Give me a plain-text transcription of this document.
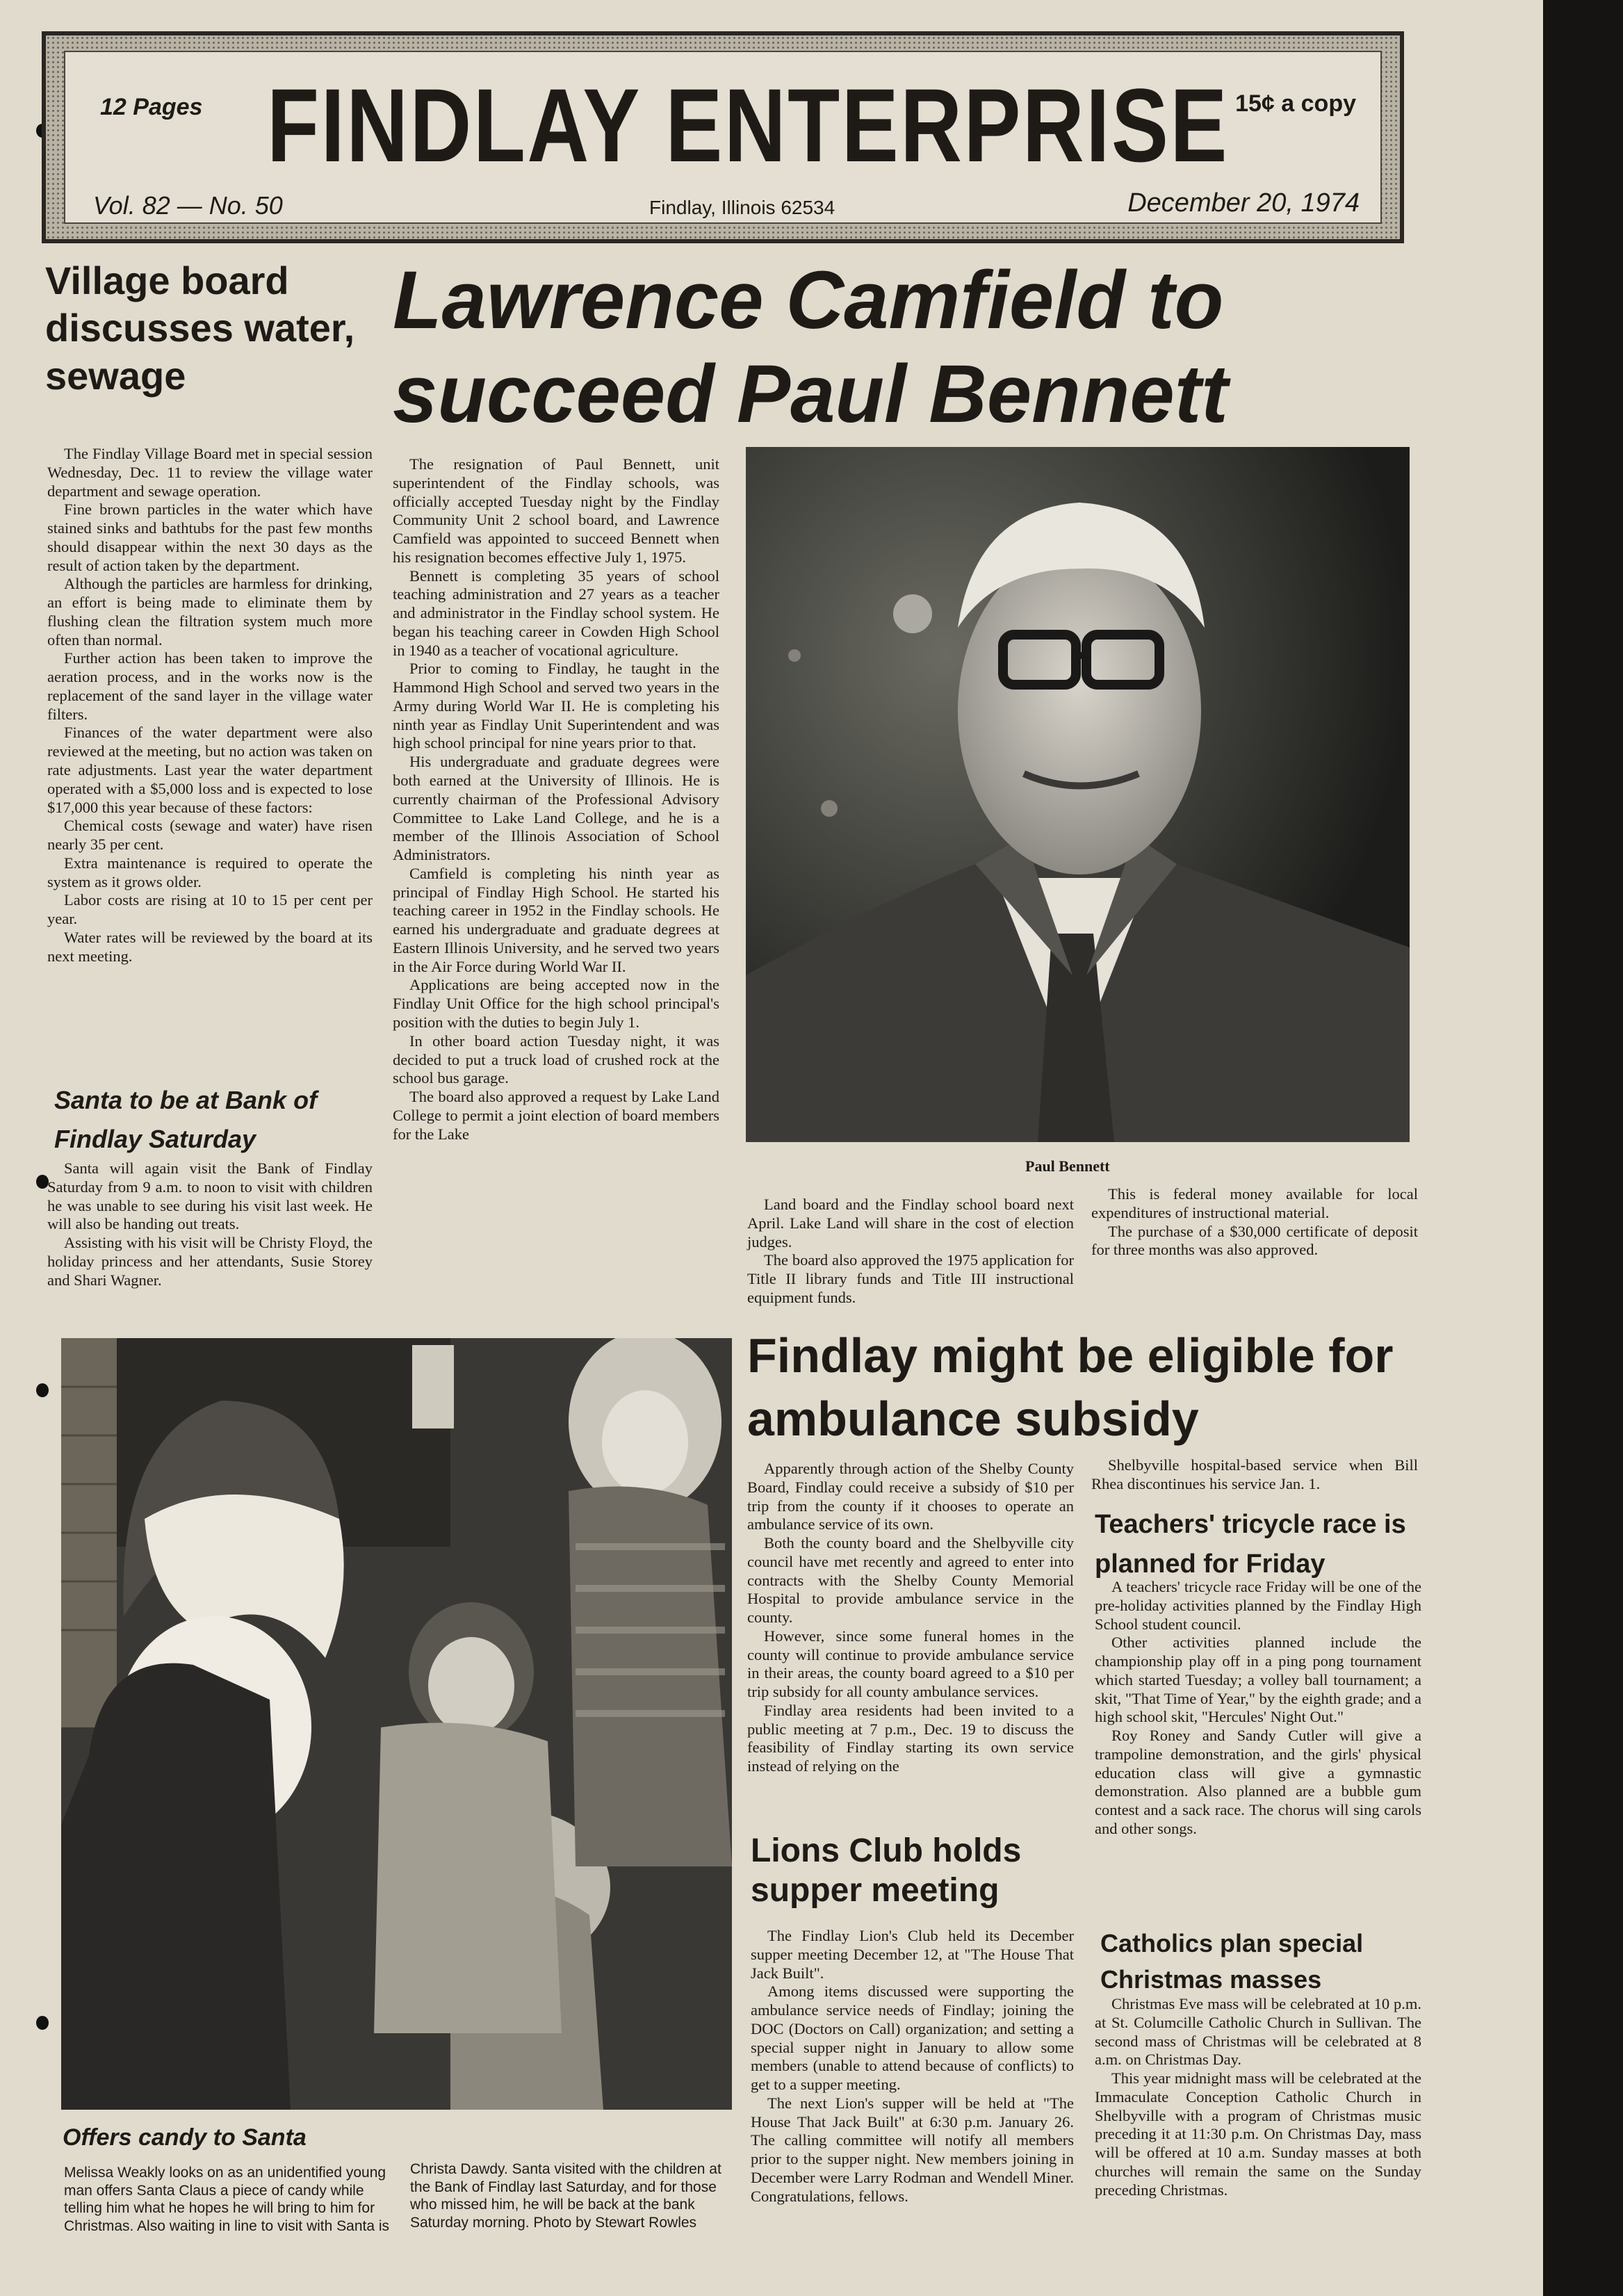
12 Pages FINDLAY ENTERPRISE 15¢ a copy
Vol. 82 — No. 50	Findlay, Illinois 62534	December 20, 1974
Village board discusses water, sewage

The Findlay Village Board met in special session Wednesday, Dec. 11 to review the village water department and sewage operation.

Fine brown particles in the water which have stained sinks and bathtubs for the past few months should disappear within the next 30 days as the result of action taken by the department.

Although the particles are harmless for drinking, an effort is being made to eliminate them by flushing clean the filtration system much more often than normal.

Further action has been taken to improve the aeration process, and in the works now is the replacement of the sand layer in the village water filters.

Finances of the water department were also reviewed at the meeting, but no action was taken on rate adjustments. Last year the water department operated with a $5,000 loss and is expected to lose $17,000 this year because of these factors:

Chemical costs (sewage and water) have risen nearly 35 per cent.

Extra maintenance is required to operate the system as it grows older.

Labor costs are rising at 10 to 15 per cent per year.

Water rates will be reviewed by the board at its next meeting.

Santa to be at Bank of Findlay Saturday

Santa will again visit the Bank of Findlay Saturday from 9 a.m. to noon to visit with children he was unable to see during his visit last week. He will also be handing out treats.

Assisting with his visit will be Christy Floyd, the holiday princess and her attendants, Susie Storey and Shari Wagner.

Lawrence Camfield to succeed Paul Bennett

The resignation of Paul Bennett, unit superintendent of the Findlay schools, was officially accepted Tuesday night by the Findlay Community Unit 2 school board, and Lawrence Camfield was appointed to succeed Bennett when his resignation becomes effective July 1, 1975.

Bennett is completing 35 years of school teaching administration and 27 years as a teacher and administrator in the Findlay school system. He began his teaching career in Cowden High School in 1940 as a teacher of vocational agriculture.

Prior to coming to Findlay, he taught in the Hammond High School and served two years in the Army during World War II. He is completing his ninth year as Findlay Unit Superintendent and was high school principal for nine years prior to that.

His undergraduate and graduate degrees were both earned at the University of Illinois. He is currently chairman of the Professional Advisory Committee to Lake Land College, and he is a member of the Illinois Association of School Administrators.

Camfield is completing his ninth year as principal of Findlay High School. He started his teaching career in 1952 in the Findlay schools. He earned his undergraduate and graduate degrees at Eastern Illinois University, and he served two years in the Air Force during World War II.

Applications are being accepted now in the Findlay Unit Office for the high school principal's position with the duties to begin July 1.

In other board action Tuesday night, it was decided to put a truck load of crushed rock at the school bus garage.

The board also approved a request by Lake Land College to permit a joint election of board members for the Lake

Paul Bennett

Land board and the Findlay school board next April. Lake Land will share in the cost of election judges.

The board also approved the 1975 application for Title II library funds and Title III instructional equipment funds.

This is federal money available for local expenditures of instructional material.

The purchase of a $30,000 certificate of deposit for three months was also approved.

Offers candy to Santa
Melissa Weakly looks on as an unidentified young man offers Santa Claus a piece of candy while telling him what he hopes he will bring to him for Christmas. Also waiting in line to visit with Santa is
Christa Dawdy. Santa visited with the children at the Bank of Findlay last Saturday, and for those who missed him, he will be back at the bank Saturday morning. Photo by Stewart Rowles
Findlay might be eligible for ambulance subsidy

Apparently through action of the Shelby County Board, Findlay could receive a subsidy of $10 per trip from the county if it chooses to operate an ambulance service of its own.

Both the county board and the Shelbyville city council have met recently and agreed to enter into contracts with the Shelby County Memorial Hospital to provide ambulance service in the county.

However, since some funeral homes in the county will continue to provide ambulance service in their areas, the county board agreed to a $10 per trip subsidy for all county ambulance services.

Findlay area residents had been invited to a public meeting at 7 p.m., Dec. 19 to discuss the feasibility of Findlay starting its own service instead of relying on the

Shelbyville hospital-based service when Bill Rhea discontinues his service Jan. 1.

Teachers' tricycle race is planned for Friday

A teachers' tricycle race Friday will be one of the pre-holiday activities planned by the Findlay High School student council.

Other activities planned include the championship play off in a ping pong tournament which started Tuesday; a volley ball tournament; a skit, "That Time of Year," by the eighth grade; and a high school skit, "Hercules' Night Out."

Roy Roney and Sandy Cutler will give a trampoline demonstration, and the girls' physical education class will give a gymnastic demonstration. Also planned are a bubble gum contest and a sack race. The chorus will sing carols and other songs.

Lions Club holds supper meeting

The Findlay Lion's Club held its December supper meeting December 12, at "The House That Jack Built".

Among items discussed were supporting the ambulance service needs of Findlay; joining the DOC (Doctors on Call) organization; and setting a special supper night in January to allow some members (unable to attend because of conflicts) to get to a supper meeting.

The next Lion's supper will be held at "The House That Jack Built" at 6:30 p.m. January 26. The calling committee will notify all members prior to the supper night. New members joining in December were Larry Rodman and Wendell Miner. Congratulations, fellows.

Catholics plan special Christmas masses

Christmas Eve mass will be celebrated at 10 p.m. at St. Columcille Catholic Church in Sullivan. The second mass of Christmas will be celebrated at 8 a.m. on Christmas Day.

This year midnight mass will be celebrated at the Immaculate Conception Catholic Church in Shelbyville with a program of Christmas music preceding it at 11:30 p.m. On Christmas Day, mass will be offered at 10 a.m. Sunday masses at both churches will remain the same on the Sunday preceding Christmas.
